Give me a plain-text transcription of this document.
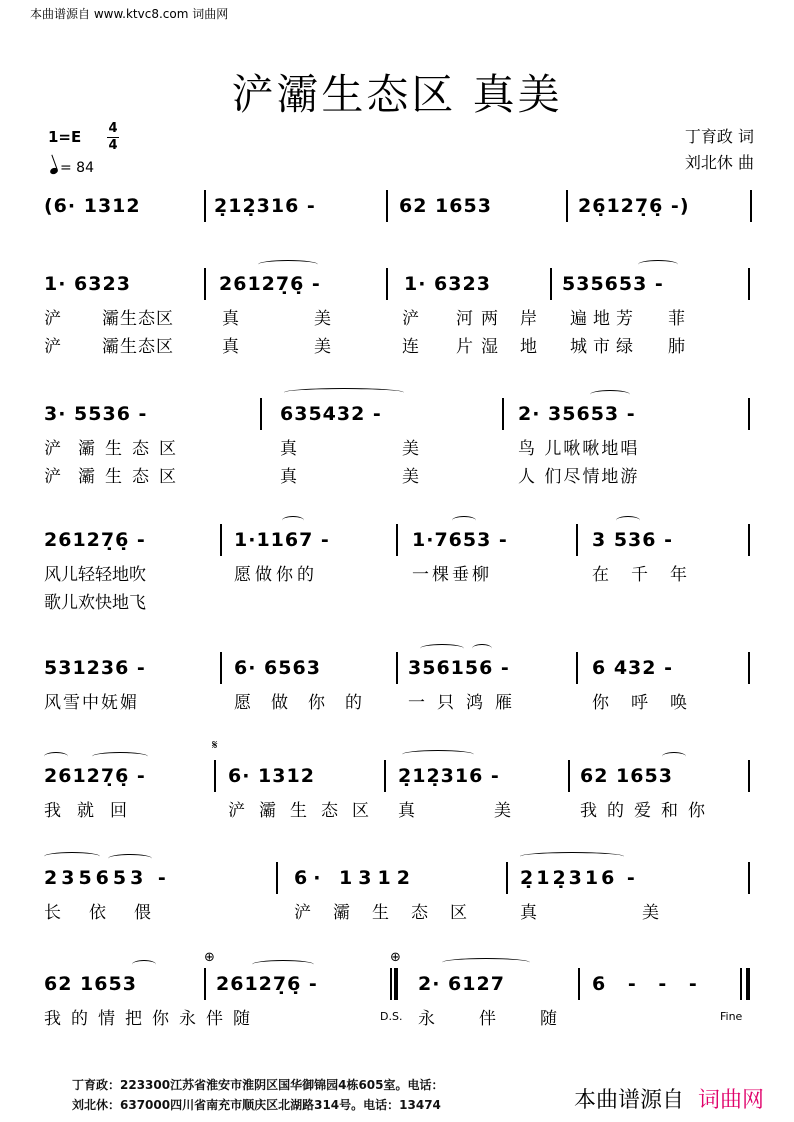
本曲谱源自 www.ktvc8.com 词曲网
浐灞生态区 真美
1=E 4
4
= 84
丁育政 词
刘北休 曲
(6· 1312	2̣12̣316 -	62 1653	26̣127̣6̣ -)
1· 6323	26127̣6̣ -	1· 6323	535653 -
浐 灞生态区	真	美	浐 河两 岸 遍地芳 菲
浐 灞生态区	真	美	连 片湿 地 城市绿 肺
3· 5536 -	635432 -	2· 35653 -
浐 灞生态区	真	美	鸟 儿啾啾地唱
浐 灞生态区	真	美	人 们尽情地游
26127̣6̣ -	1·1167 -	1·7653 -	3 536 -
风儿轻轻地吹	愿做你的	一棵垂柳	在千年
歌儿欢快地飞
531236 -	6· 6563	356156 -	6 432 -
风雪中妩媚	愿做你的 一只鸿雁	你呼唤
𝄋
26127̣6̣ -	6· 1312	2̣12̣316 -	62 1653
我就回	浐灞生态区 真	美	我的爱和你
235653 -	6· 1312	2̣12̣316 -
长依偎	浐灞生态区 真	美
⊕	⊕
62 1653	26127̣6̣ -	2· 6127	6 - - -
我的情把你永伴随	D.S. 永伴随	Fine
丁育政：223300江苏省淮安市淮阴区国华御锦园4栋605室。电话：
刘北休：637000四川省南充市顺庆区北湖路314号。电话：13474	本曲谱源自 词曲网
